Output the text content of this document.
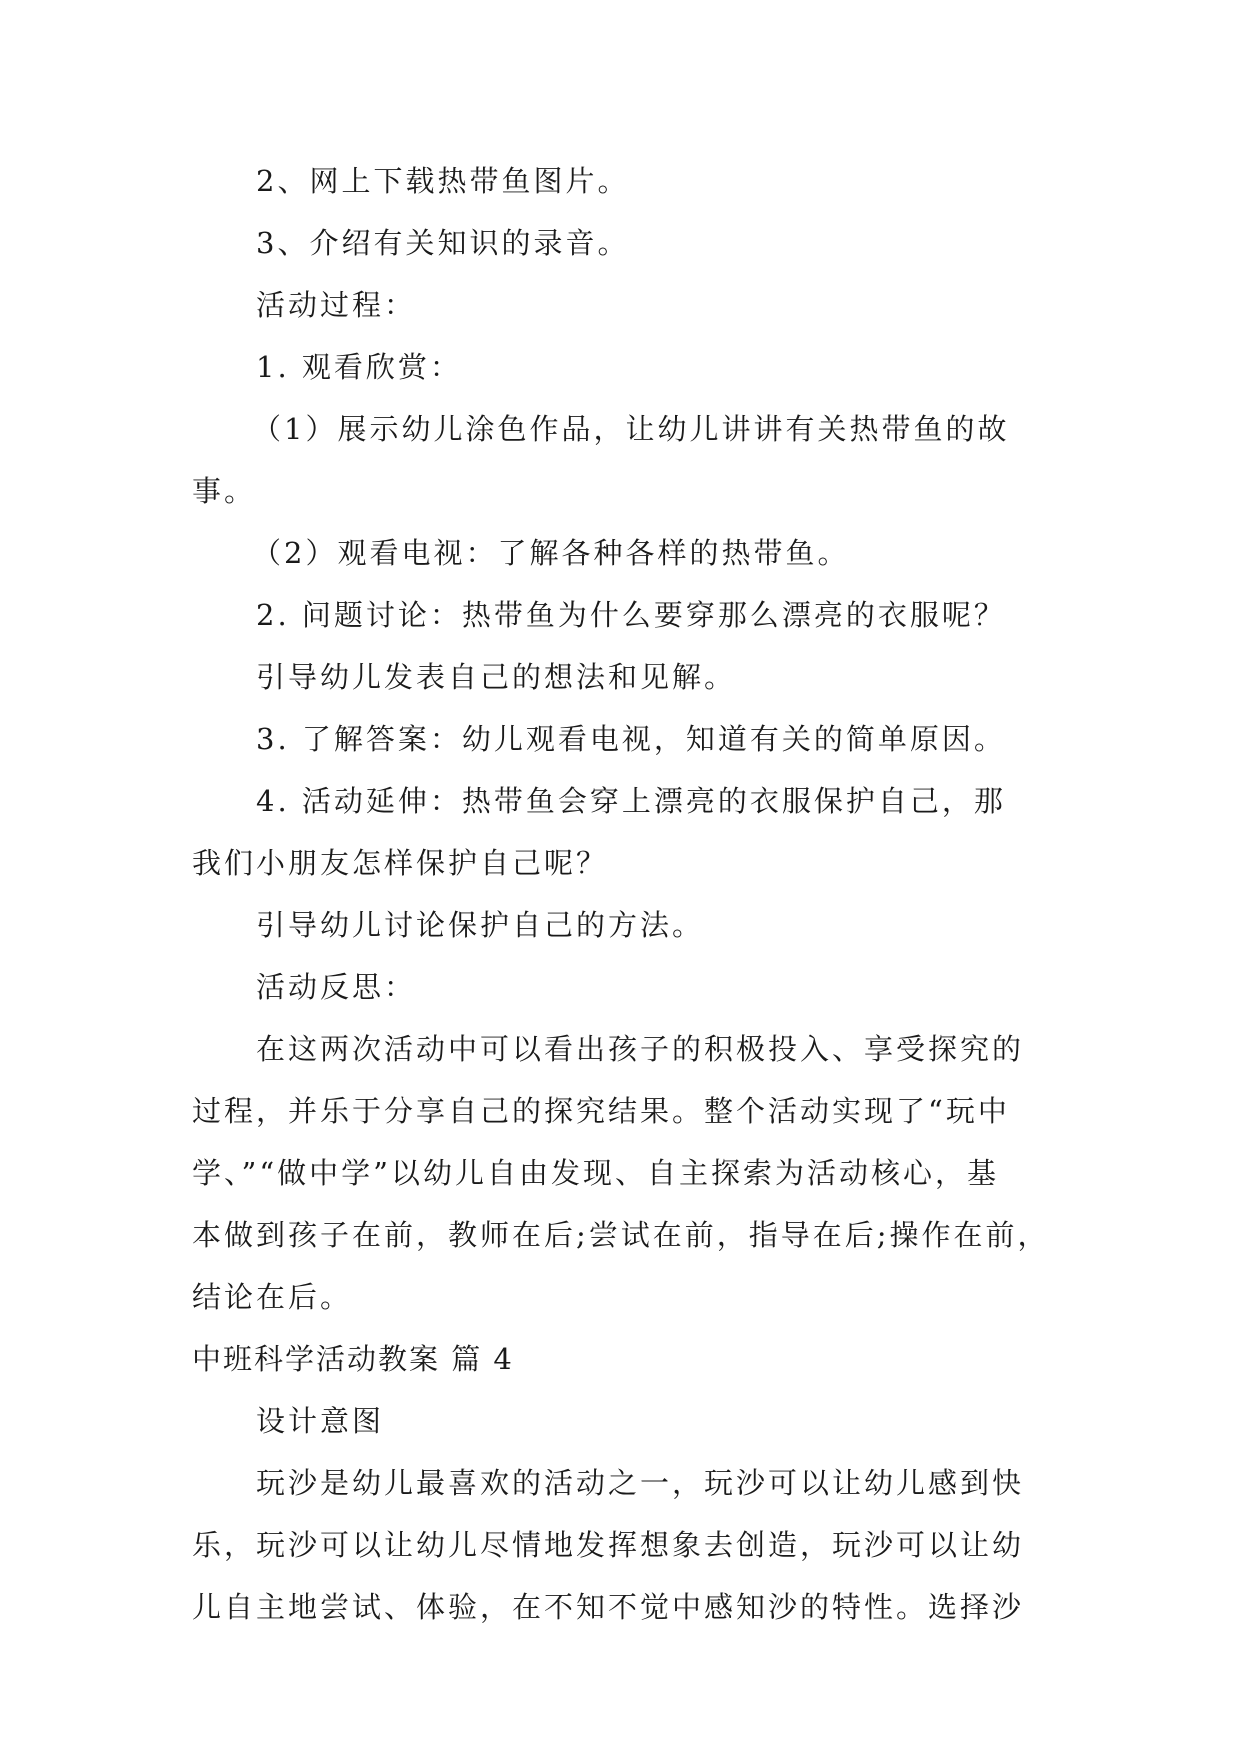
2、网上下载热带鱼图片。
3、介绍有关知识的录音。
活动过程：
1. 观看欣赏：
（1）展示幼儿涂色作品，让幼儿讲讲有关热带鱼的故
事。
（2）观看电视：了解各种各样的热带鱼。
2. 问题讨论：热带鱼为什么要穿那么漂亮的衣服呢？
引导幼儿发表自己的想法和见解。
3. 了解答案：幼儿观看电视，知道有关的简单原因。
4. 活动延伸：热带鱼会穿上漂亮的衣服保护自己，那
我们小朋友怎样保护自己呢？
引导幼儿讨论保护自己的方法。
活动反思：
在这两次活动中可以看出孩子的积极投入、享受探究的
过程，并乐于分享自己的探究结果。整个活动实现了“玩中
学、”“做中学”以幼儿自由发现、自主探索为活动核心，基
本做到孩子在前，教师在后;尝试在前，指导在后;操作在前，
结论在后。
中班科学活动教案 篇 4
设计意图
玩沙是幼儿最喜欢的活动之一，玩沙可以让幼儿感到快
乐，玩沙可以让幼儿尽情地发挥想象去创造，玩沙可以让幼
儿自主地尝试、体验，在不知不觉中感知沙的特性。选择沙
